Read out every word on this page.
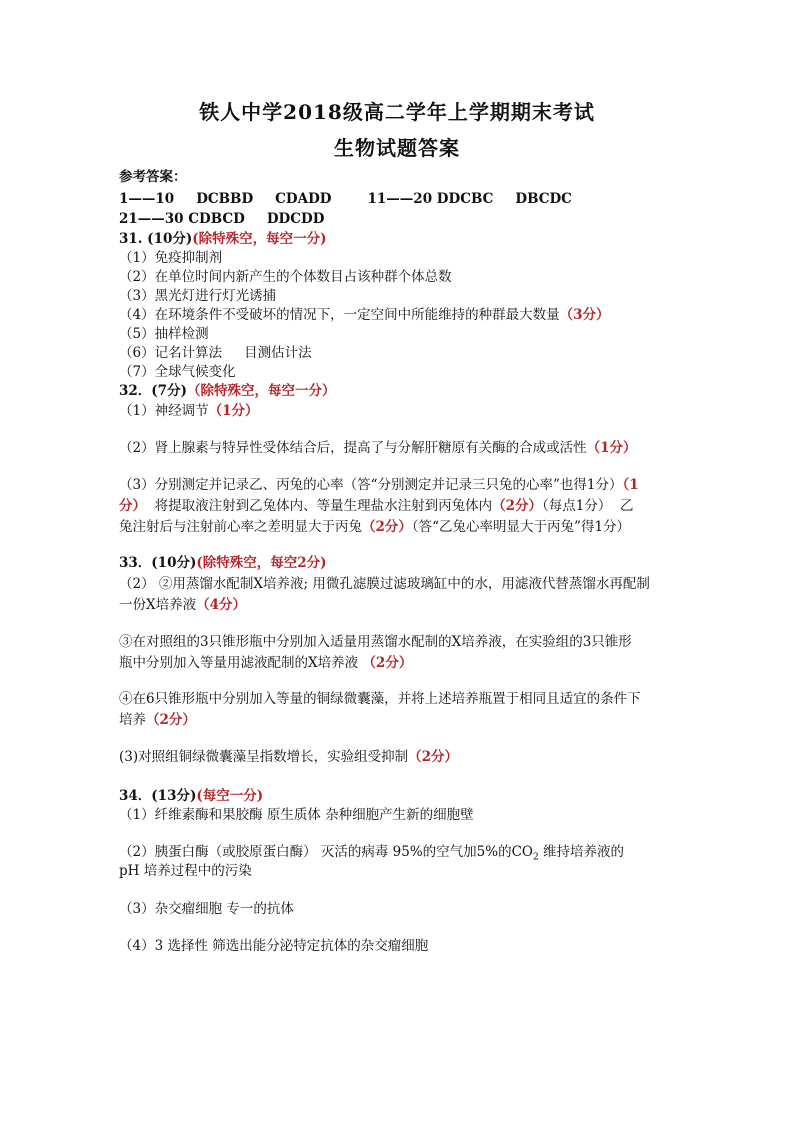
铁人中学2018级高二学年上学期期末考试
生物试题答案
参考答案：
1——10 DCBBD CDADD	11——20 DDCBC DBCDC
21——30 CDBCD DDCDD
31. (10分)(除特殊空，每空一分)
（1）免疫抑制剂
（2）在单位时间内新产生的个体数目占该种群个体总数
（3）黑光灯进行灯光诱捕
（4）在环境条件不受破坏的情况下，一定空间中所能维持的种群最大数量（3分）
（5）抽样检测
（6）记名计算法 目测估计法
（7）全球气候变化
32．(7分)（除特殊空，每空一分）
（1）神经调节（1分）
（2）肾上腺素与特异性受体结合后，提高了与分解肝糖原有关酶的合成或活性（1分）
（3）分别测定并记录乙、丙兔的心率（答“分别测定并记录三只兔的心率”也得1分）（1
分） 将提取液注射到乙兔体内、等量生理盐水注射到丙兔体内（2分）（每点1分） 乙
兔注射后与注射前心率之差明显大于丙兔（2分）（答“乙兔心率明显大于丙兔”得1分）
33．(10分)(除特殊空，每空2分)
（2） ②用蒸馏水配制X培养液; 用微孔滤膜过滤玻璃缸中的水，用滤液代替蒸馏水再配制
一份X培养液（4分）
③在对照组的3只锥形瓶中分别加入适量用蒸馏水配制的X培养液，在实验组的3只锥形
瓶中分别加入等量用滤液配制的X培养液 （2分）
④在6只锥形瓶中分别加入等量的铜绿微囊藻，并将上述培养瓶置于相同且适宜的条件下
培养（2分）
(3)对照组铜绿微囊藻呈指数增长，实验组受抑制（2分）
34．(13分)(每空一分)
（1）纤维素酶和果胶酶 原生质体 杂种细胞产生新的细胞壁
（2）胰蛋白酶（或胶原蛋白酶） 灭活的病毒 95%的空气加5%的$CO_2$ 维持培养液的
pH 培养过程中的污染
（3）杂交瘤细胞 专一的抗体
（4）3 选择性 筛选出能分泌特定抗体的杂交瘤细胞
